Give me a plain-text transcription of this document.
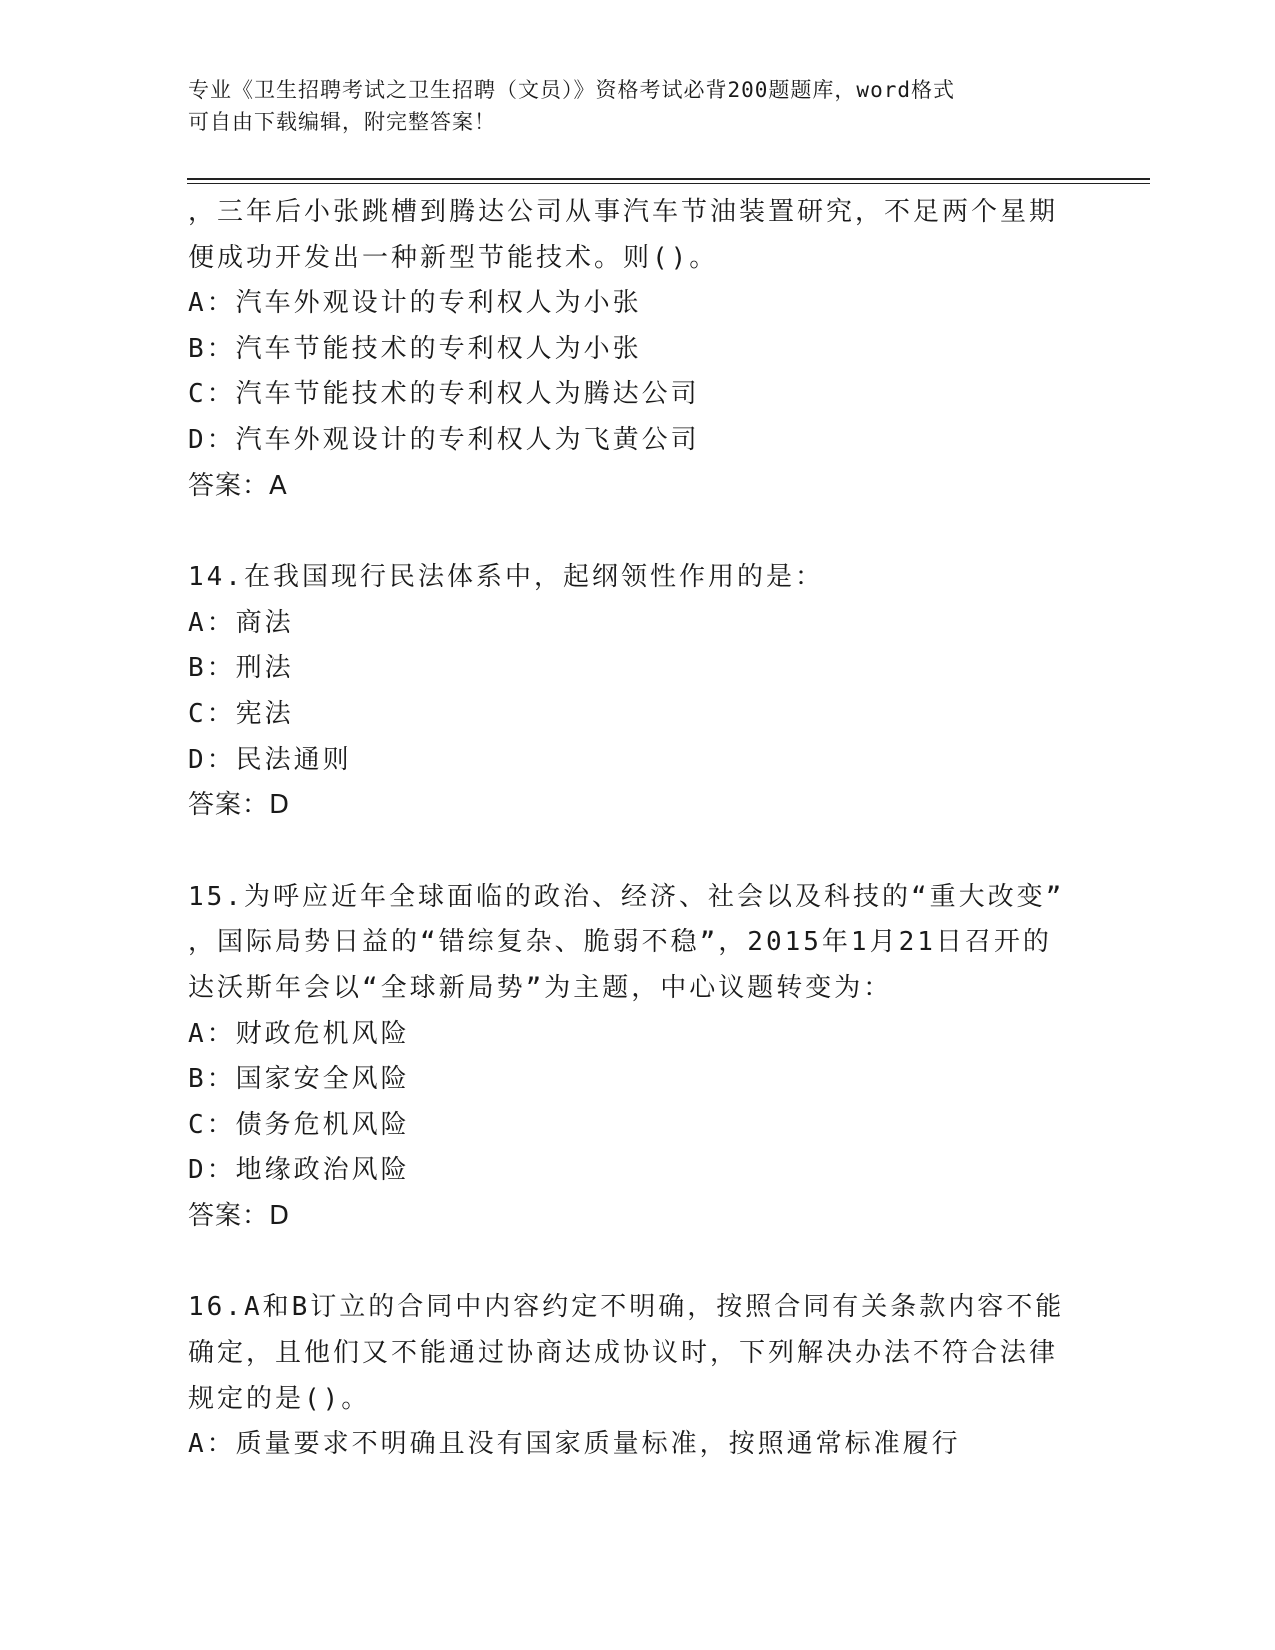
专业《卫生招聘考试之卫生招聘（文员）》资格考试必背200题题库，word格式
可自由下载编辑，附完整答案！
，三年后小张跳槽到腾达公司从事汽车节油装置研究，不足两个星期
便成功开发出一种新型节能技术。则()。
A：汽车外观设计的专利权人为小张
B：汽车节能技术的专利权人为小张
C：汽车节能技术的专利权人为腾达公司
D：汽车外观设计的专利权人为飞黄公司
答案：A
14.在我国现行民法体系中，起纲领性作用的是：
A：商法
B：刑法
C：宪法
D：民法通则
答案：D
15.为呼应近年全球面临的政治、经济、社会以及科技的“重大改变”
，国际局势日益的“错综复杂、脆弱不稳”，2015年1月21日召开的
达沃斯年会以“全球新局势”为主题，中心议题转变为：
A：财政危机风险
B：国家安全风险
C：债务危机风险
D：地缘政治风险
答案：D
16.A和B订立的合同中内容约定不明确，按照合同有关条款内容不能
确定，且他们又不能通过协商达成协议时，下列解决办法不符合法律
规定的是()。
A：质量要求不明确且没有国家质量标准，按照通常标准履行
